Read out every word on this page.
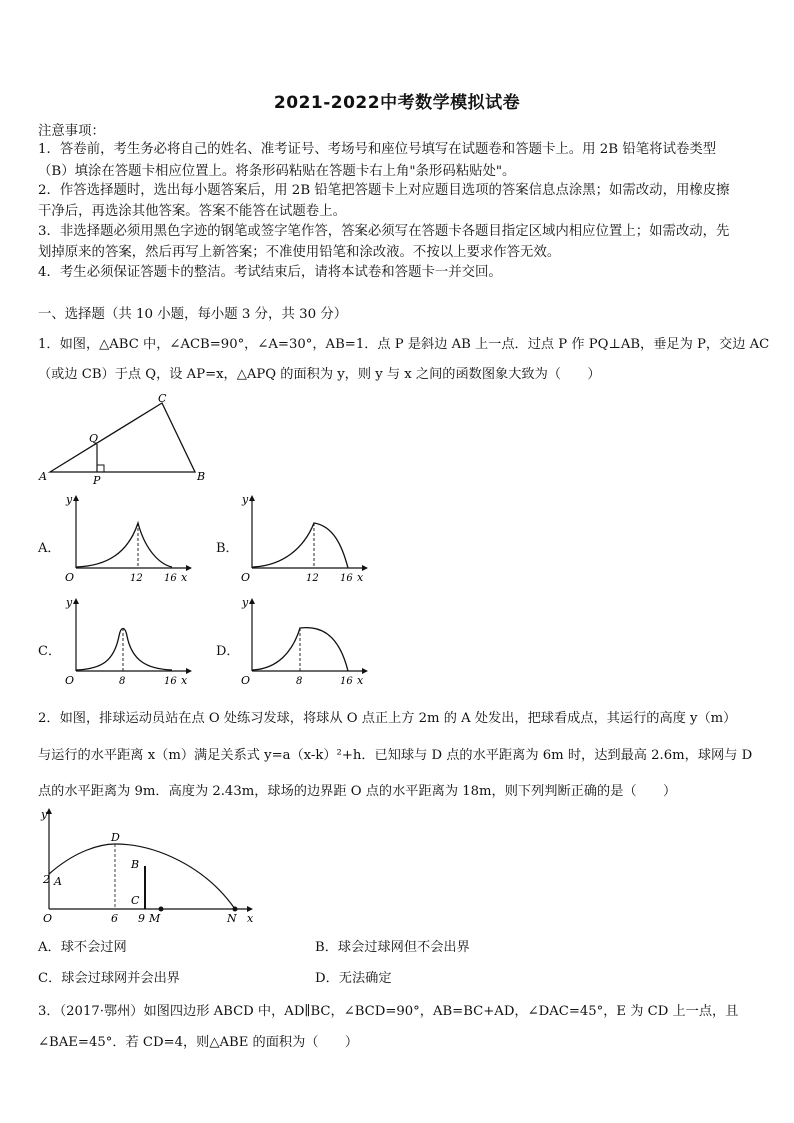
2021-2022中考数学模拟试卷
注意事项：
1．答卷前，考生务必将自己的姓名、准考证号、考场号和座位号填写在试题卷和答题卡上。用 2B 铅笔将试卷类型
（B）填涂在答题卡相应位置上。将条形码粘贴在答题卡右上角"条形码粘贴处"。
2．作答选择题时，选出每小题答案后，用 2B 铅笔把答题卡上对应题目选项的答案信息点涂黑；如需改动，用橡皮擦
干净后，再选涂其他答案。答案不能答在试题卷上。
3．非选择题必须用黑色字迹的钢笔或签字笔作答，答案必须写在答题卡各题目指定区域内相应位置上；如需改动，先
划掉原来的答案，然后再写上新答案；不准使用铅笔和涂改液。不按以上要求作答无效。
4．考生必须保证答题卡的整洁。考试结束后，请将本试卷和答题卡一并交回。
一、选择题（共 10 小题，每小题 3 分，共 30 分）
1．如图，△ABC 中，∠ACB=90°，∠A=30°，AB=1．点 P 是斜边 AB 上一点．过点 P 作 PQ⊥AB，垂足为 P，交边 AC
（或边 CB）于点 Q，设 AP=x，△APQ 的面积为 y，则 y 与 x 之间的函数图象大致为（　　）
A	B
C
P
Q
A．
y
O	12 16 x
B．
y
O	12 16 x
C．
y
O	8	16 x
D．
y
O	8	16 x
2．如图，排球运动员站在点 O 处练习发球，将球从 O 点正上方 2m 的 A 处发出，把球看成点，其运行的高度 y（m）
与运行的水平距离 x（m）满足关系式 y=a（x-k）²+h．已知球与 D 点的水平距离为 6m 时，达到最高 2.6m，球网与 D
点的水平距离为 9m．高度为 2.43m，球场的边界距 O 点的水平距离为 18m，则下列判断正确的是（　　）
y
x
O
2 A
D
B
C
6 9 M	N
A．球不会过网	B．球会过球网但不会出界
C．球会过球网并会出界	D．无法确定
3．（2017·鄂州）如图四边形 ABCD 中，AD∥BC，∠BCD=90°，AB=BC+AD，∠DAC=45°，E 为 CD 上一点，且
∠BAE=45°．若 CD=4，则△ABE 的面积为（　　）
